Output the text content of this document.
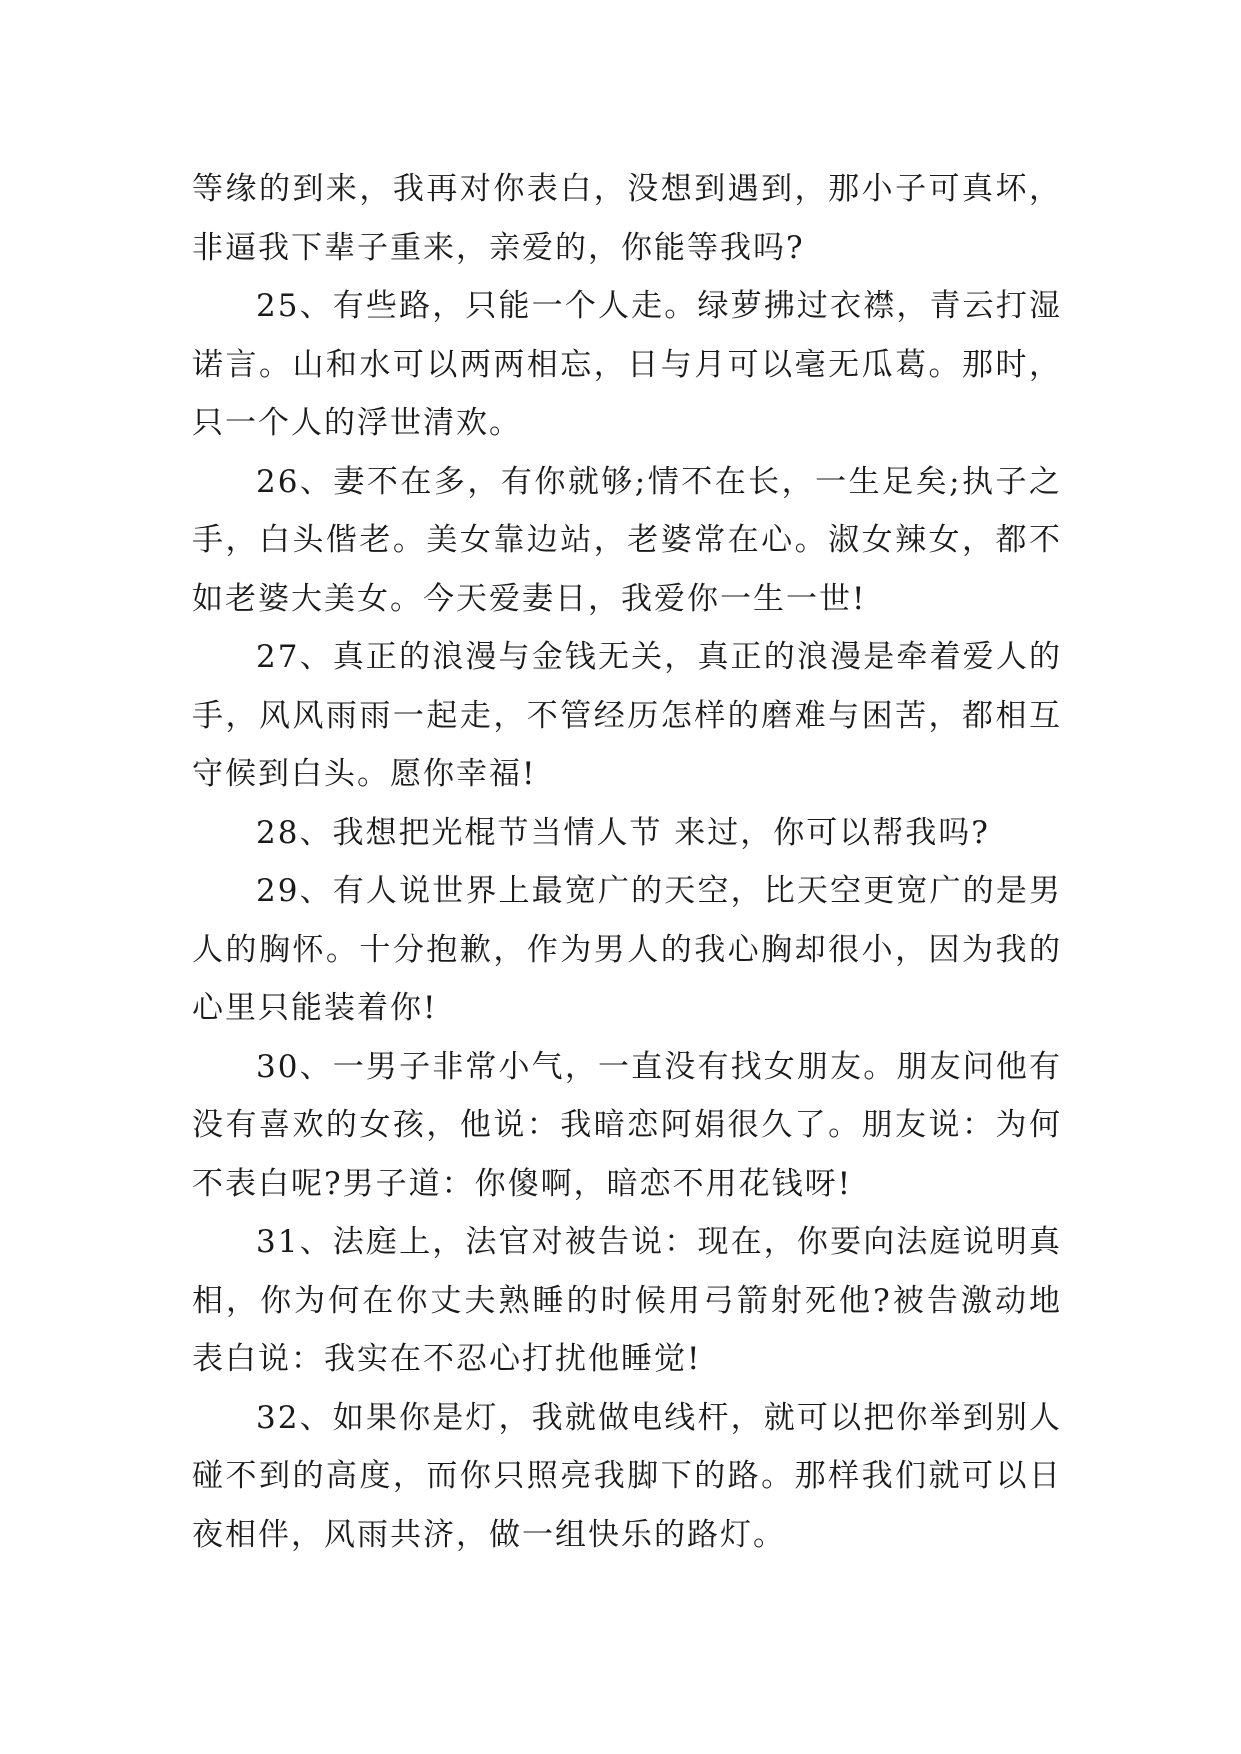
等缘的到来，我再对你表白，没想到遇到，那小子可真坏，非逼我下辈子重来，亲爱的，你能等我吗?

25、有些路，只能一个人走。绿萝拂过衣襟，青云打湿诺言。山和水可以两两相忘，日与月可以毫无瓜葛。那时，只一个人的浮世清欢。

26、妻不在多，有你就够;情不在长，一生足矣;执子之手，白头偕老。美女靠边站，老婆常在心。淑女辣女，都不如老婆大美女。今天爱妻日，我爱你一生一世!

27、真正的浪漫与金钱无关，真正的浪漫是牵着爱人的手，风风雨雨一起走，不管经历怎样的磨难与困苦，都相互守候到白头。愿你幸福!

28、我想把光棍节当情人节 来过，你可以帮我吗?

29、有人说世界上最宽广的天空，比天空更宽广的是男人的胸怀。十分抱歉，作为男人的我心胸却很小，因为我的心里只能装着你!

30、一男子非常小气，一直没有找女朋友。朋友问他有没有喜欢的女孩，他说：我暗恋阿娟很久了。朋友说：为何不表白呢?男子道：你傻啊，暗恋不用花钱呀!

31、法庭上，法官对被告说：现在，你要向法庭说明真相，你为何在你丈夫熟睡的时候用弓箭射死他?被告激动地表白说：我实在不忍心打扰他睡觉!

32、如果你是灯，我就做电线杆，就可以把你举到别人碰不到的高度，而你只照亮我脚下的路。那样我们就可以日夜相伴，风雨共济，做一组快乐的路灯。
